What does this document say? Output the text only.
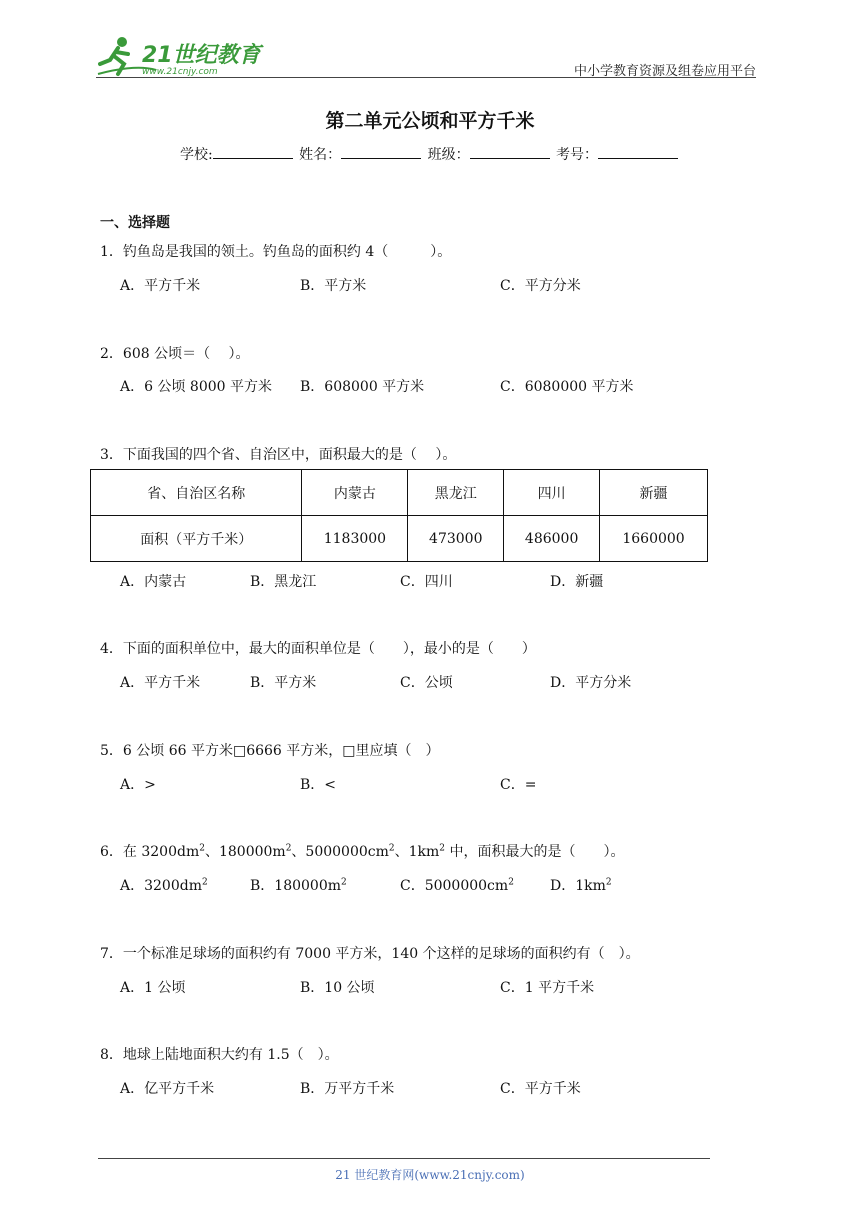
21世纪教育
www.21cnjy.com	中小学教育资源及组卷应用平台
第二单元公顷和平方千米
学校:	姓名：	班级：	考号：
一、选择题
1．钓鱼岛是我国的领土。钓鱼岛的面积约 4（　　　）。
A．平方千米	B．平方米	C．平方分米
2．608 公顷＝（　 ）。
A．6 公顷 8000 平方米 B．608000 平方米	C．6080000 平方米
3．下面我国的四个省、自治区中，面积最大的是（　 ）。
省、自治区名称	内蒙古	黑龙江	四川	新疆
面积（平方千米）	1183000	473000	486000	1660000
A．内蒙古	B．黑龙江	C．四川	D．新疆
4．下面的面积单位中，最大的面积单位是（　　），最小的是（　　）
A．平方千米	B．平方米	C．公顷	D．平方分米
5．6 公顷 66 平方米□6666 平方米，□里应填（　）
A．>	B．<	C．=
6．在 $3200dm^2$、$180000m^2$、$5000000cm^2$、$1km^2$ 中，面积最大的是（　　）。
A．$3200dm^2$	B．$180000m^2$	C．$5000000cm^2$	D．$1km^2$
7．一个标准足球场的面积约有 7000 平方米，140 个这样的足球场的面积约有（　）。
A．1 公顷	B．10 公顷	C．1 平方千米
8．地球上陆地面积大约有 1.5（　）。
A．亿平方千米	B．万平方千米	C．平方千米
21 世纪教育网(www.21cnjy.com)
